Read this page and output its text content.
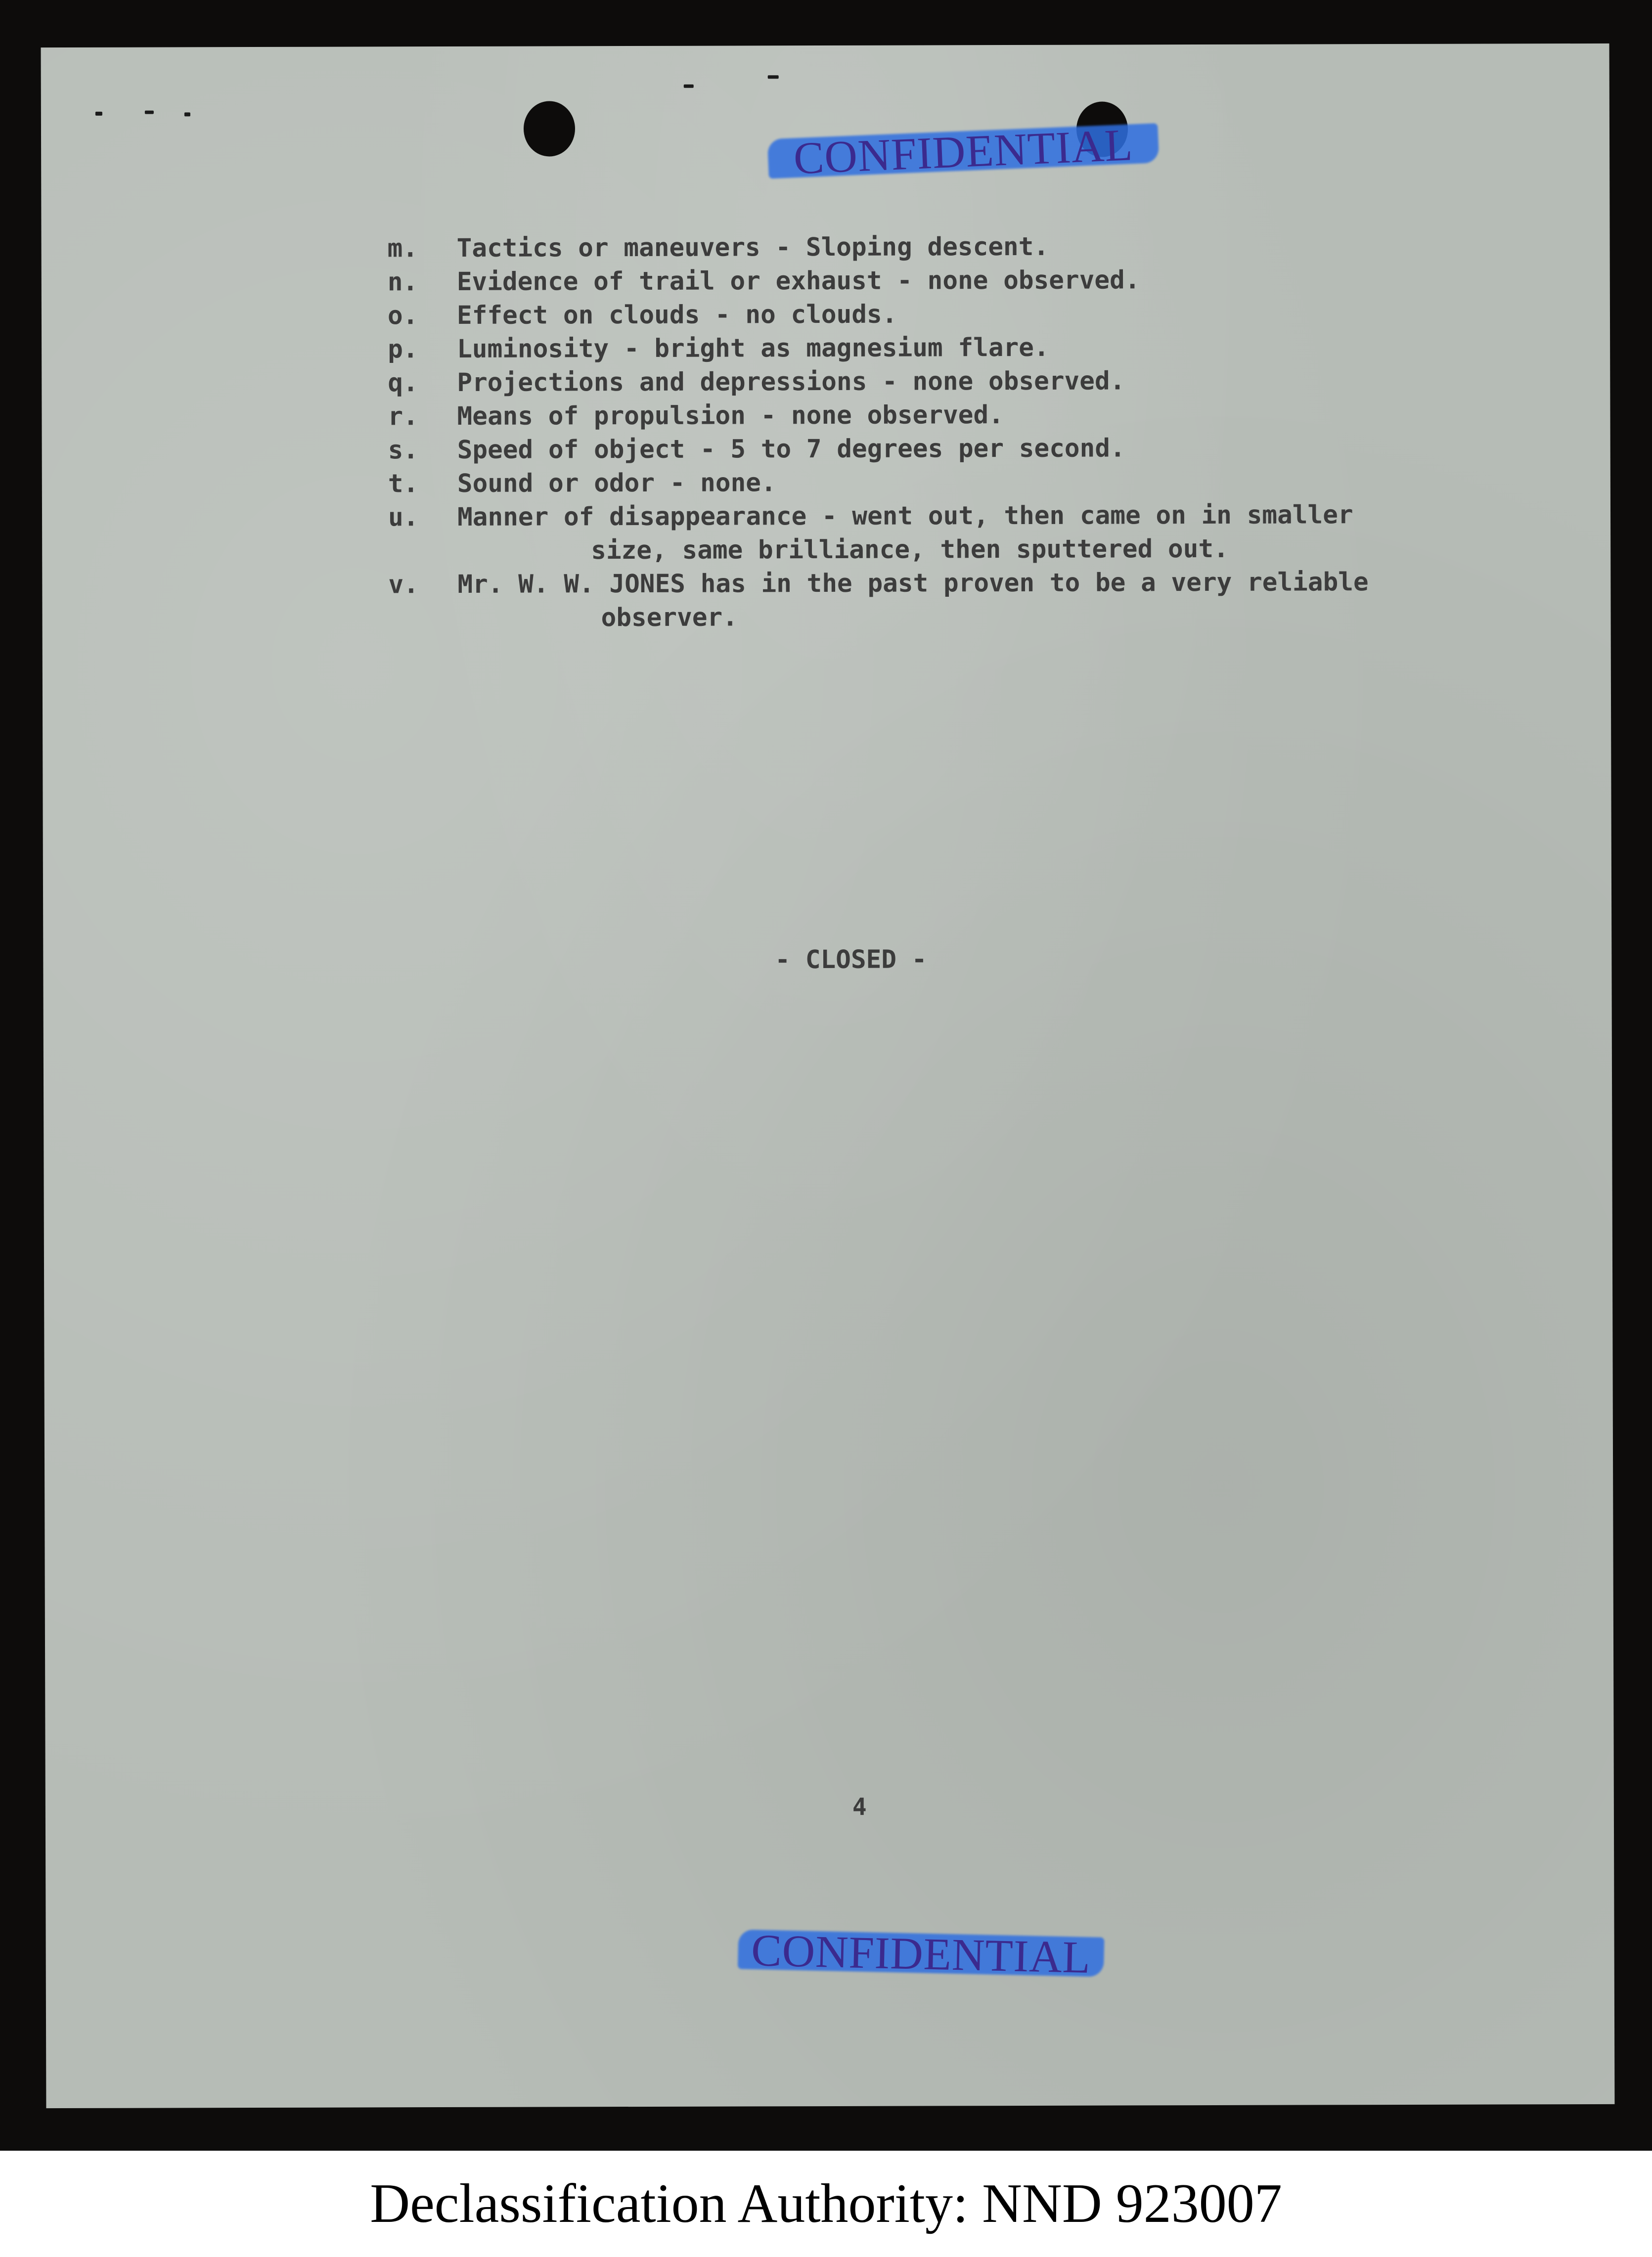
CONFIDENTIAL
m.	Tactics or maneuvers - Sloping descent.
n.	Evidence of trail or exhaust - none observed.
o.	Effect on clouds - no clouds.
p.	Luminosity - bright as magnesium flare.
q.	Projections and depressions - none observed.
r.	Means of propulsion - none observed.
s.	Speed of object - 5 to 7 degrees per second.
t.	Sound or odor - none.
u.	Manner of disappearance - went out, then came on in smaller
size, same brilliance, then sputtered out.
v.	Mr. W. W. JONES has in the past proven to be a very reliable
observer.
- CLOSED -
4
CONFIDENTIAL
Declassification Authority: NND 923007
